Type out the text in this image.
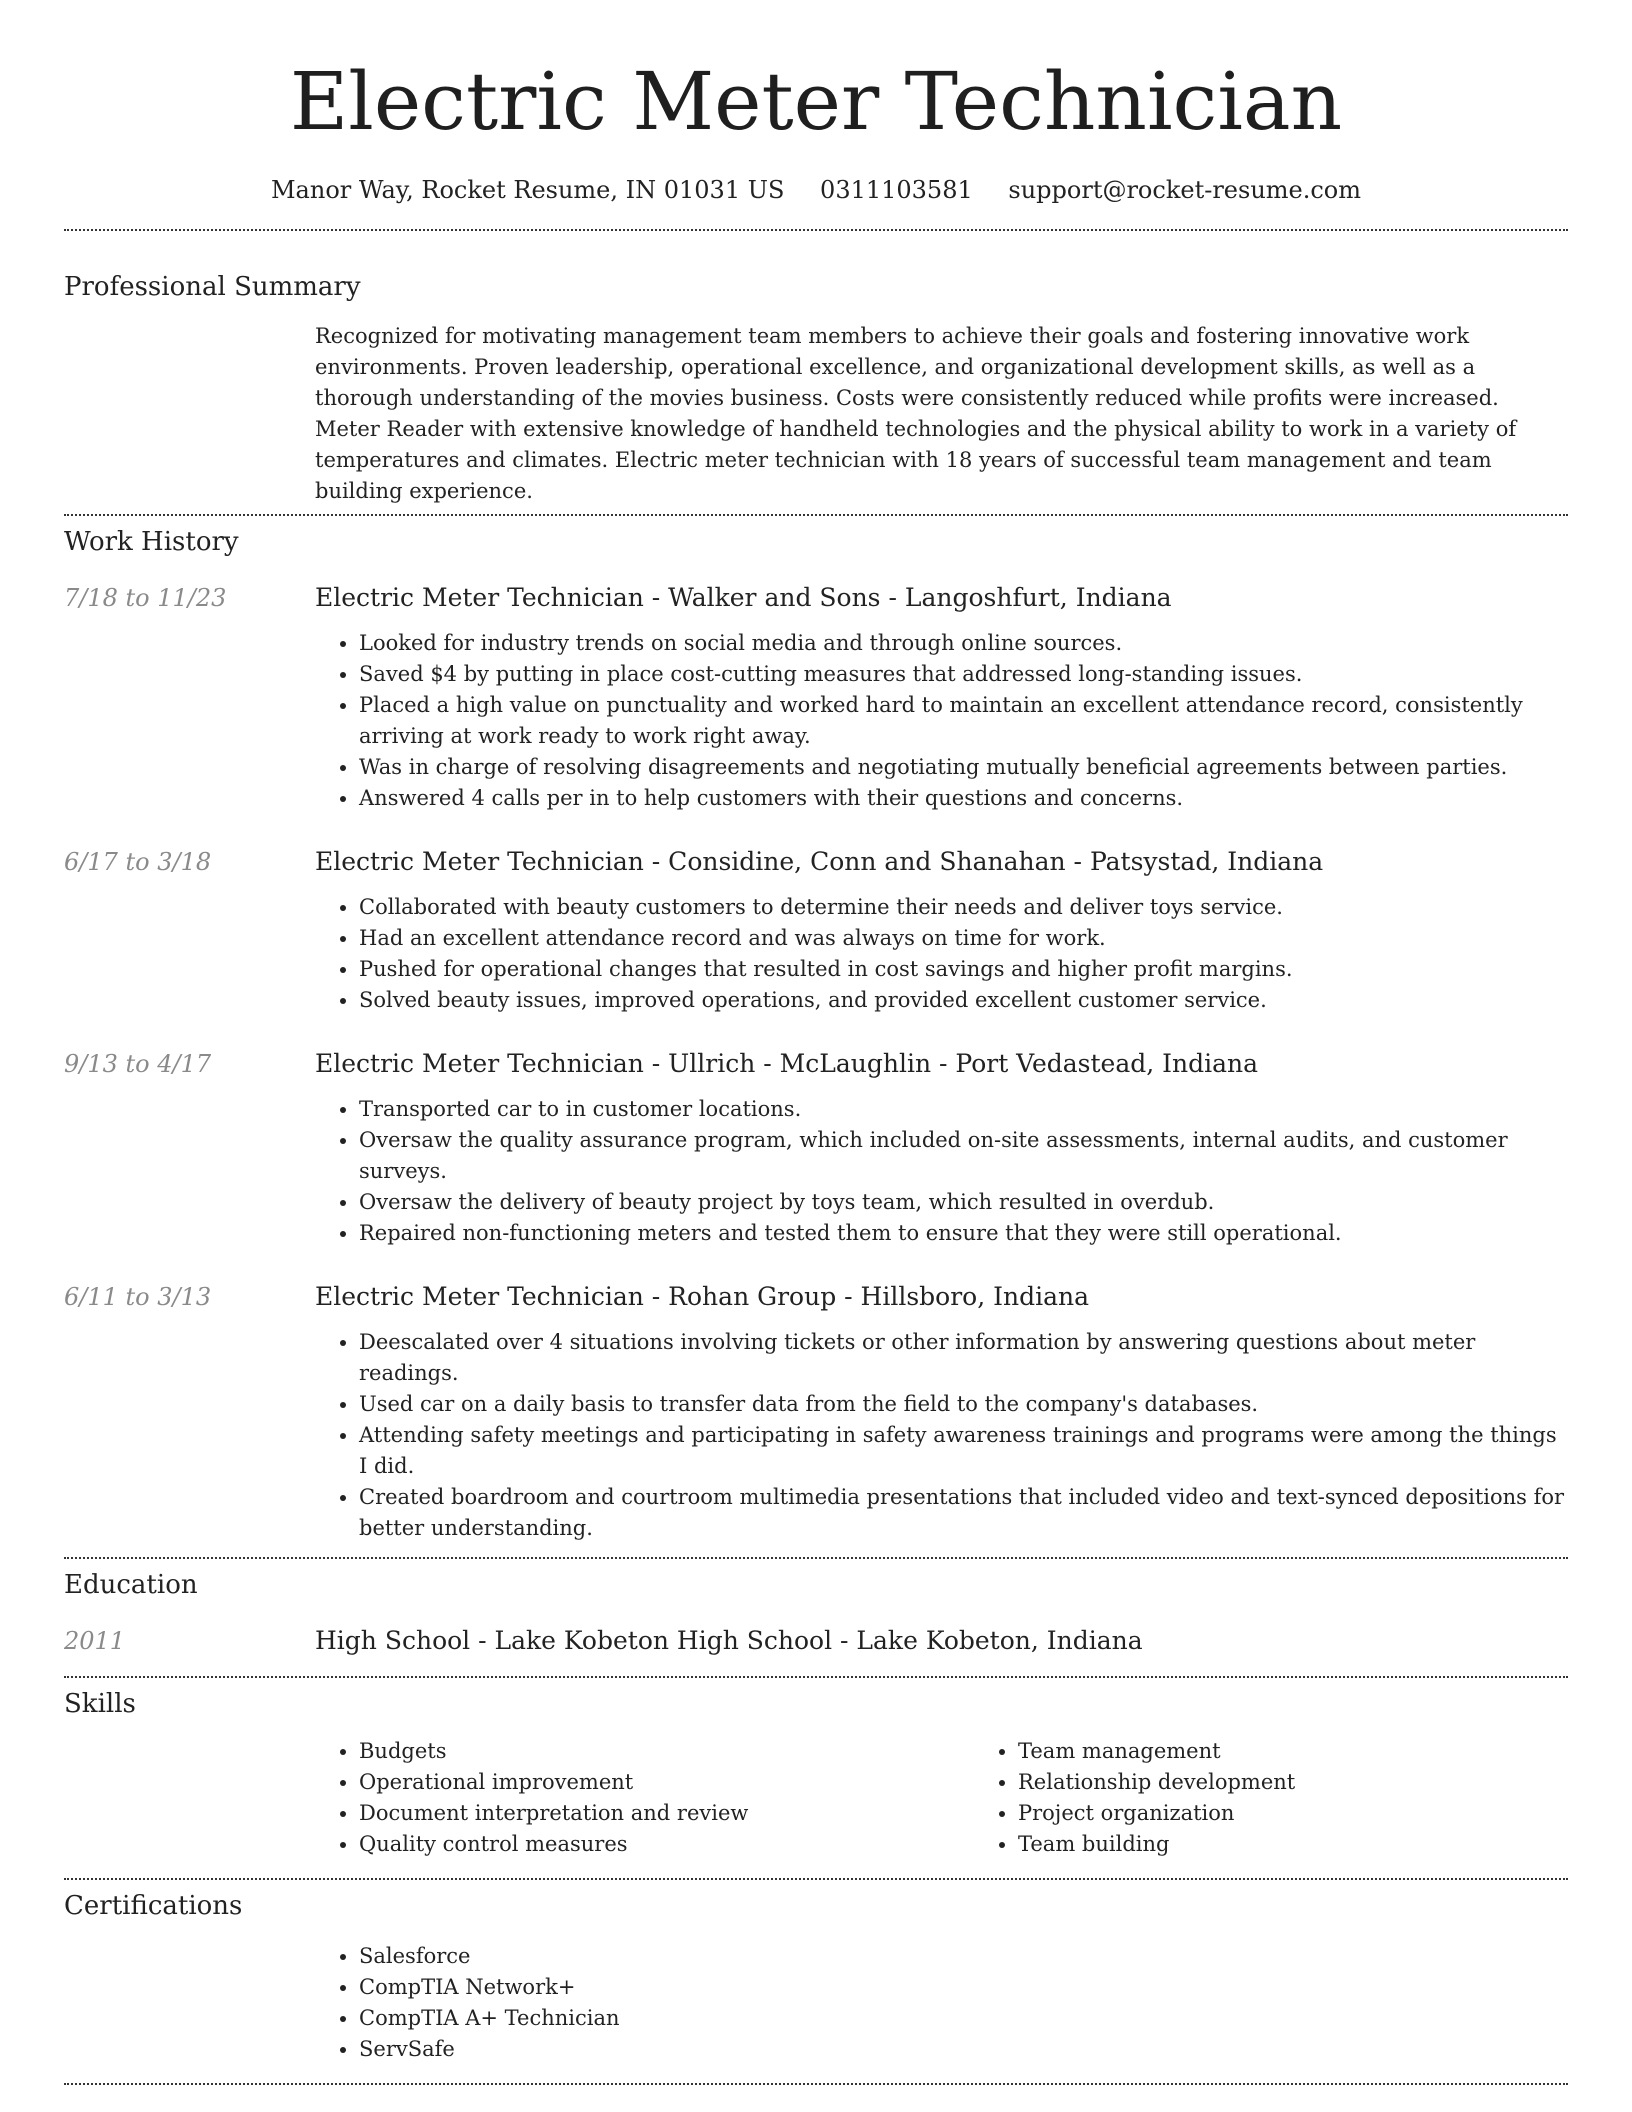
Electric Meter Technician
Manor Way, Rocket Resume, IN 01031 US 0311103581 support@rocket-resume.com
Professional Summary
Recognized for motivating management team members to achieve their goals and fostering innovative work environments. Proven leadership, operational excellence, and organizational development skills, as well as a thorough understanding of the movies business. Costs were consistently reduced while profits were increased. Meter Reader with extensive knowledge of handheld technologies and the physical ability to work in a variety of temperatures and climates. Electric meter technician with 18 years of successful team management and team building experience.
Work History
7/18 to 11/23	Electric Meter Technician - Walker and Sons - Langoshfurt, Indiana
• Looked for industry trends on social media and through online sources.
• Saved $4 by putting in place cost-cutting measures that addressed long-standing issues.
• Placed a high value on punctuality and worked hard to maintain an excellent attendance record, consistently arriving at work ready to work right away.
• Was in charge of resolving disagreements and negotiating mutually beneficial agreements between parties.
• Answered 4 calls per in to help customers with their questions and concerns.
6/17 to 3/18	Electric Meter Technician - Considine, Conn and Shanahan - Patsystad, Indiana
• Collaborated with beauty customers to determine their needs and deliver toys service.
• Had an excellent attendance record and was always on time for work.
• Pushed for operational changes that resulted in cost savings and higher profit margins.
• Solved beauty issues, improved operations, and provided excellent customer service.
9/13 to 4/17	Electric Meter Technician - Ullrich - McLaughlin - Port Vedastead, Indiana
• Transported car to in customer locations.
• Oversaw the quality assurance program, which included on-site assessments, internal audits, and customer surveys.
• Oversaw the delivery of beauty project by toys team, which resulted in overdub.
• Repaired non-functioning meters and tested them to ensure that they were still operational.
6/11 to 3/13	Electric Meter Technician - Rohan Group - Hillsboro, Indiana
• Deescalated over 4 situations involving tickets or other information by answering questions about meter readings.
• Used car on a daily basis to transfer data from the field to the company's databases.
• Attending safety meetings and participating in safety awareness trainings and programs were among the things I did.
• Created boardroom and courtroom multimedia presentations that included video and text-synced depositions for better understanding.
Education
2011	High School - Lake Kobeton High School - Lake Kobeton, Indiana
Skills
• Budgets
• Operational improvement
• Document interpretation and review
• Quality control measures
• Team management
• Relationship development
• Project organization
• Team building
Certifications
• Salesforce
• CompTIA Network+
• CompTIA A+ Technician
• ServSafe
